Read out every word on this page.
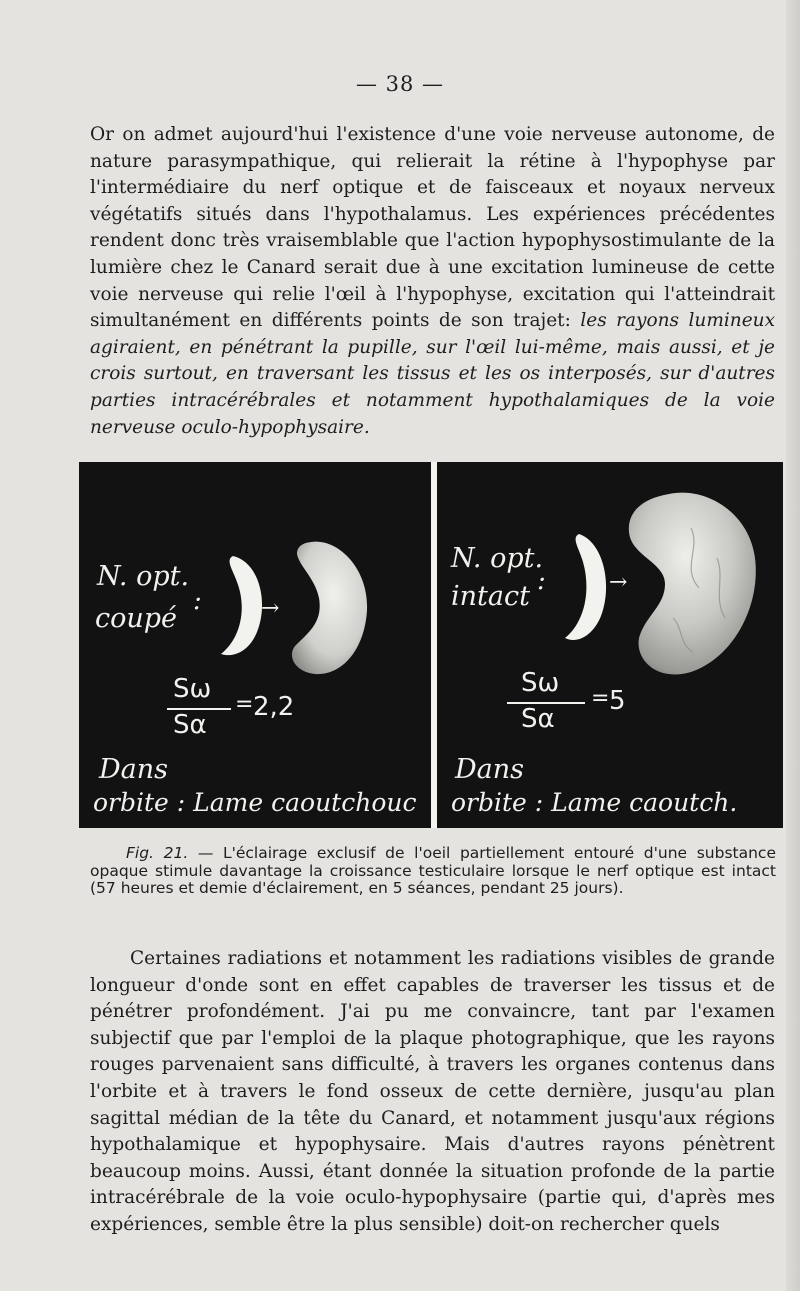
— 38 —

Or on admet aujourd'hui l'existence d'une voie nerveuse autonome, de nature parasympathique, qui relierait la rétine à l'hypophyse par l'intermédiaire du nerf optique et de faisceaux et noyaux nerveux végétatifs situés dans l'hypothalamus. Les expériences précédentes rendent donc très vraisemblable que l'action hypophysostimulante de la lumière chez le Canard serait due à une excitation lumineuse de cette voie nerveuse qui relie l'œil à l'hypophyse, excitation qui l'atteindrait simultanément en différents points de son trajet: les rayons lumineux agiraient, en pénétrant la pupille, sur l'œil lui-même, mais aussi, et je crois surtout, en traversant les tissus et les os interposés, sur d'autres parties intracérébrales et notamment hypothalamiques de la voie nerveuse oculo-hypophysaire.

N. opt.
coupé
:	→
Sω
Sα
= 2,2
Dans
orbite : Lame caoutchouc
N. opt.
intact :	→
Sω
Sα
= 5
Dans
orbite : Lame caoutch.

Fig. 21. — L'éclairage exclusif de l'oeil partiellement entouré d'une substance opaque stimule davantage la croissance testiculaire lorsque le nerf optique est intact (57 heures et demie d'éclairement, en 5 séances, pendant 25 jours).

Certaines radiations et notamment les radiations visibles de grande longueur d'onde sont en effet capables de traverser les tissus et de pénétrer profondément. J'ai pu me convaincre, tant par l'examen subjectif que par l'emploi de la plaque photographique, que les rayons rouges parvenaient sans difficulté, à travers les organes contenus dans l'orbite et à travers le fond osseux de cette dernière, jusqu'au plan sagittal médian de la tête du Canard, et notamment jusqu'aux régions hypothalamique et hypophysaire. Mais d'autres rayons pénètrent beaucoup moins. Aussi, étant donnée la situation profonde de la partie intracérébrale de la voie oculo-hypophysaire (partie qui, d'après mes expériences, semble être la plus sensible) doit-on rechercher quels
